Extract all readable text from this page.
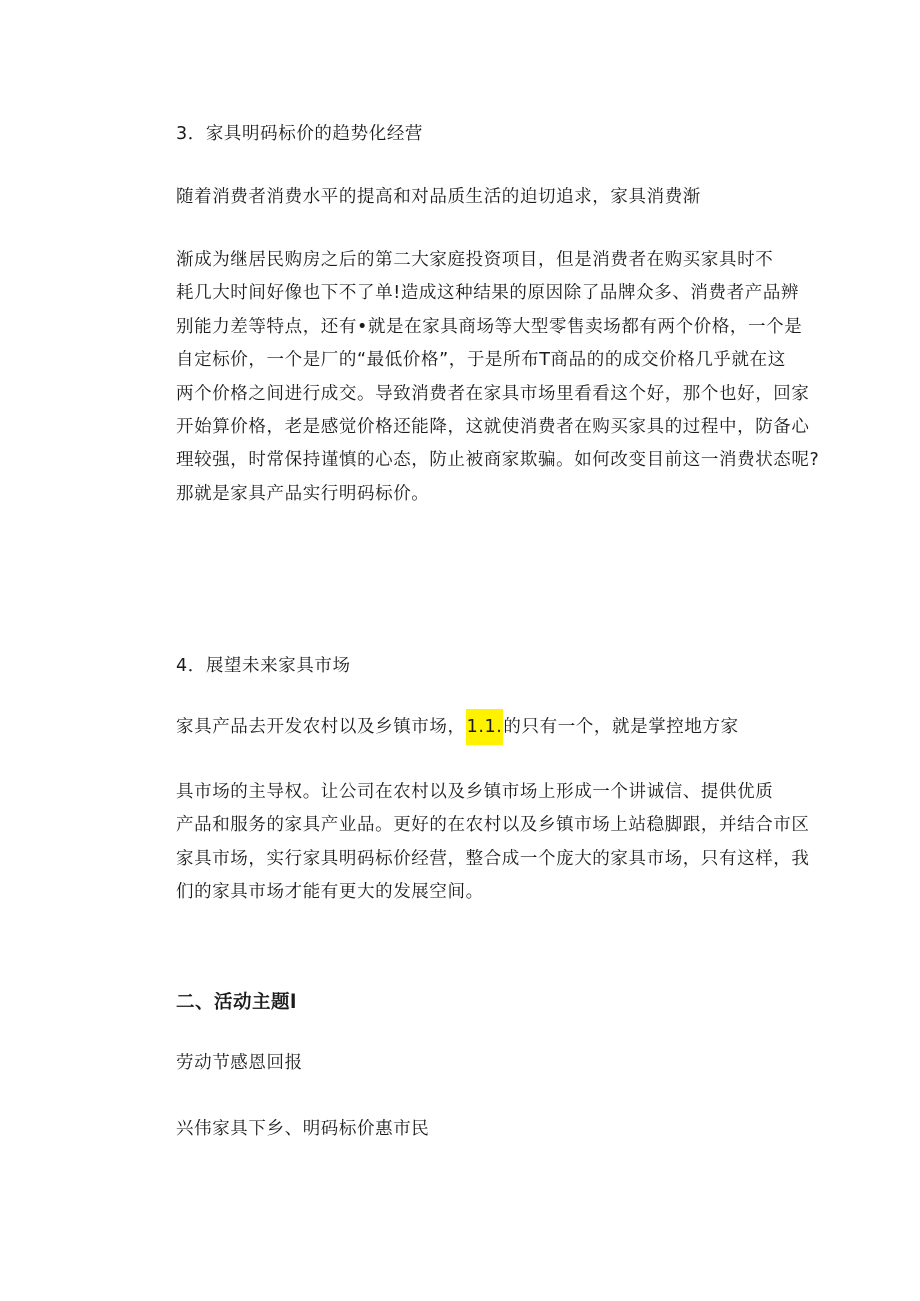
3．家具明码标价的趋势化经营
随着消费者消费水平的提高和对品质生活的迫切追求，家具消费渐
渐成为继居民购房之后的第二大家庭投资项目，但是消费者在购买家具时不
耗几大时间好像也下不了单!造成这种结果的原因除了品牌众多、消费者产品辨
别能力差等特点，还有•就是在家具商场等大型零售卖场都有两个价格，一个是
自定标价，一个是厂的“最低价格”，于是所布T商品的的成交价格几乎就在这
两个价格之间进行成交。导致消费者在家具市场里看看这个好，那个也好，回家
开始算价格，老是感觉价格还能降，这就使消费者在购买家具的过程中，防备心
理较强，时常保持谨慎的心态，防止被商家欺骗。如何改变目前这一消费状态呢?
那就是家具产品实行明码标价。
4．展望未来家具市场
家具产品去开发农村以及乡镇市场，1.1.的只有一个，就是掌控地方家
具市场的主导权。让公司在农村以及乡镇市场上形成一个讲诚信、提供优质
产品和服务的家具产业品。更好的在农村以及乡镇市场上站稳脚跟，并结合市区
家具市场，实行家具明码标价经营，整合成一个庞大的家具市场，只有这样，我
们的家具市场才能有更大的发展空间。
二、活动主题l
劳动节感恩回报
兴伟家具下乡、明码标价惠市民
